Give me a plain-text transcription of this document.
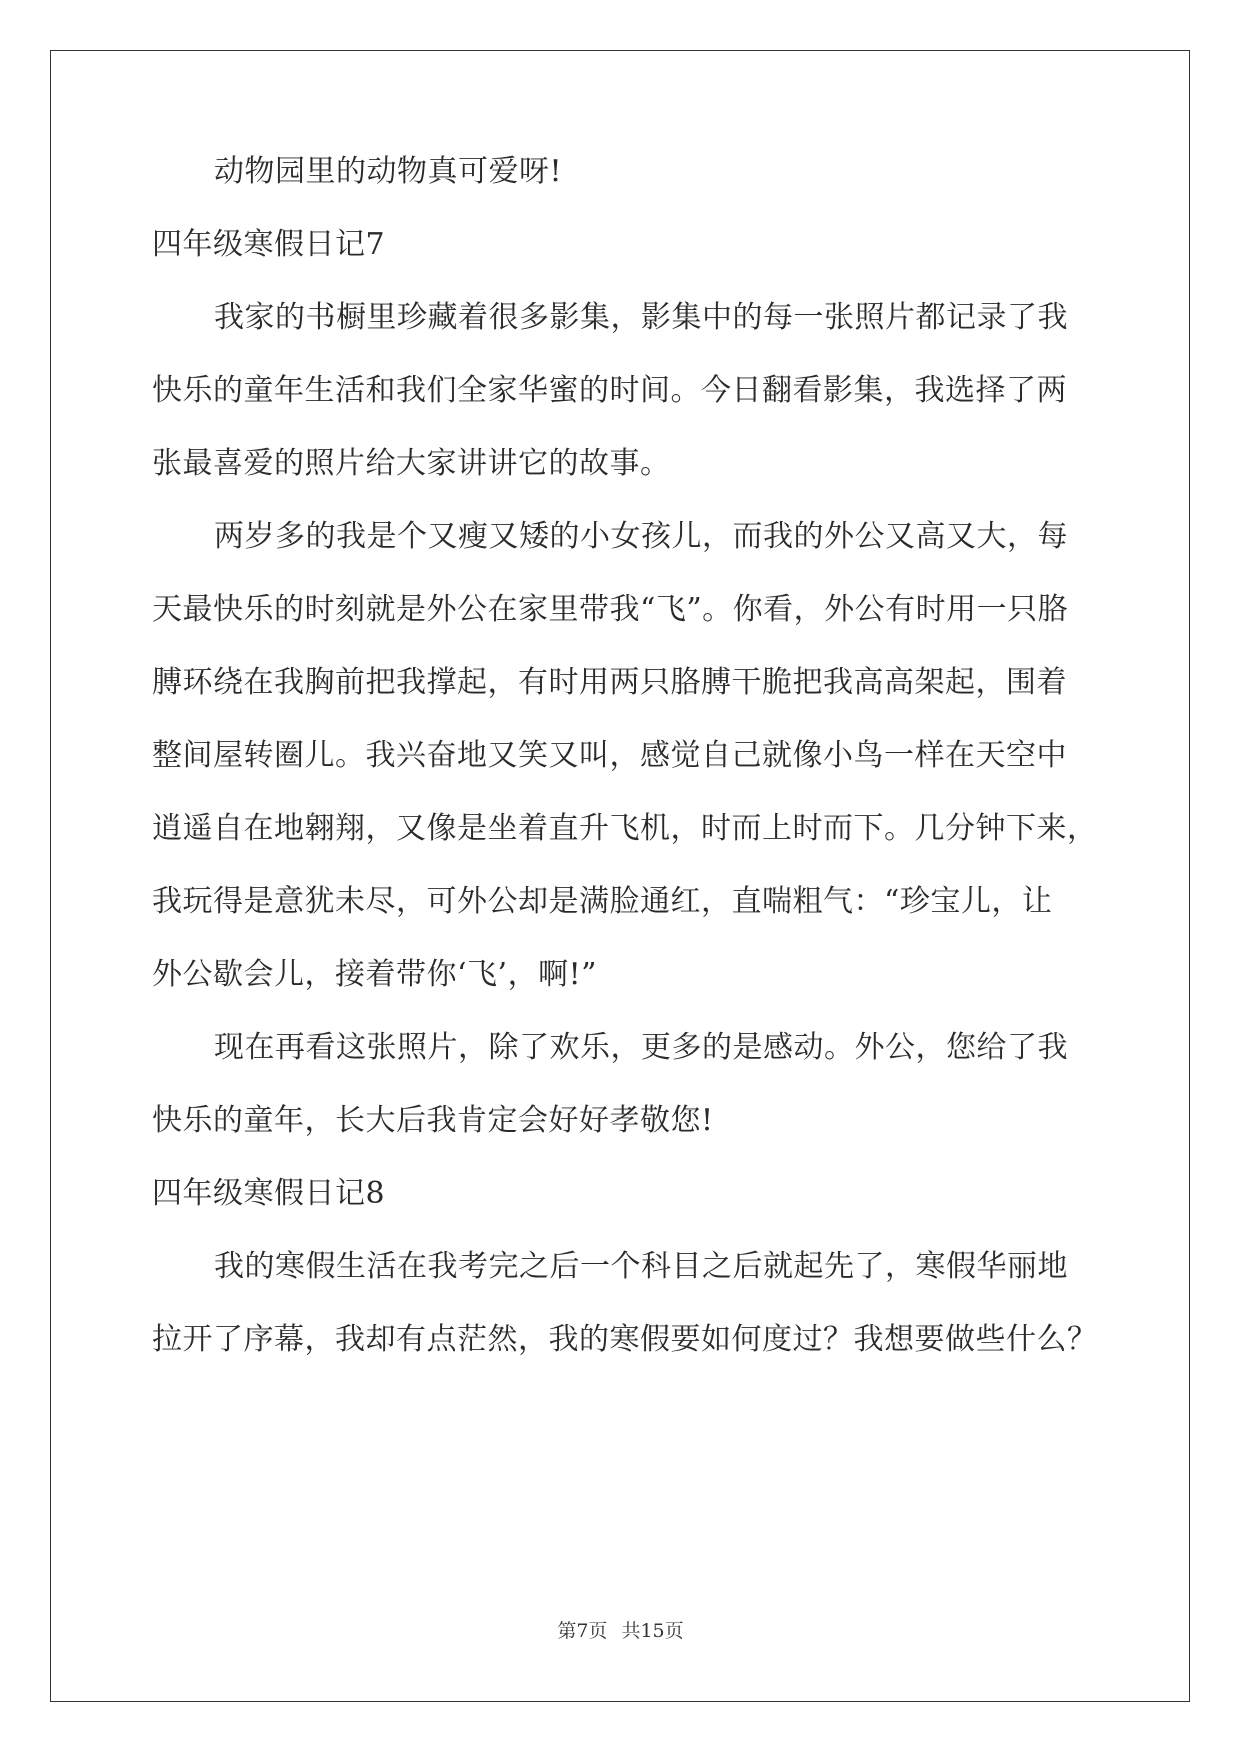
动物园里的动物真可爱呀!
四年级寒假日记7
我家的书橱里珍藏着很多影集，影集中的每一张照片都记录了我
快乐的童年生活和我们全家华蜜的时间。今日翻看影集，我选择了两
张最喜爱的照片给大家讲讲它的故事。
两岁多的我是个又瘦又矮的小女孩儿，而我的外公又高又大，每
天最快乐的时刻就是外公在家里带我“飞”。你看，外公有时用一只胳
膊环绕在我胸前把我撑起，有时用两只胳膊干脆把我高高架起，围着
整间屋转圈儿。我兴奋地又笑又叫，感觉自己就像小鸟一样在天空中
逍遥自在地翱翔，又像是坐着直升飞机，时而上时而下。几分钟下来，
我玩得是意犹未尽，可外公却是满脸通红，直喘粗气：“珍宝儿，让
外公歇会儿，接着带你‘飞’，啊!”
现在再看这张照片，除了欢乐，更多的是感动。外公，您给了我
快乐的童年，长大后我肯定会好好孝敬您!
四年级寒假日记8
我的寒假生活在我考完之后一个科目之后就起先了，寒假华丽地
拉开了序幕，我却有点茫然，我的寒假要如何度过？我想要做些什么？
第7页 共15页
